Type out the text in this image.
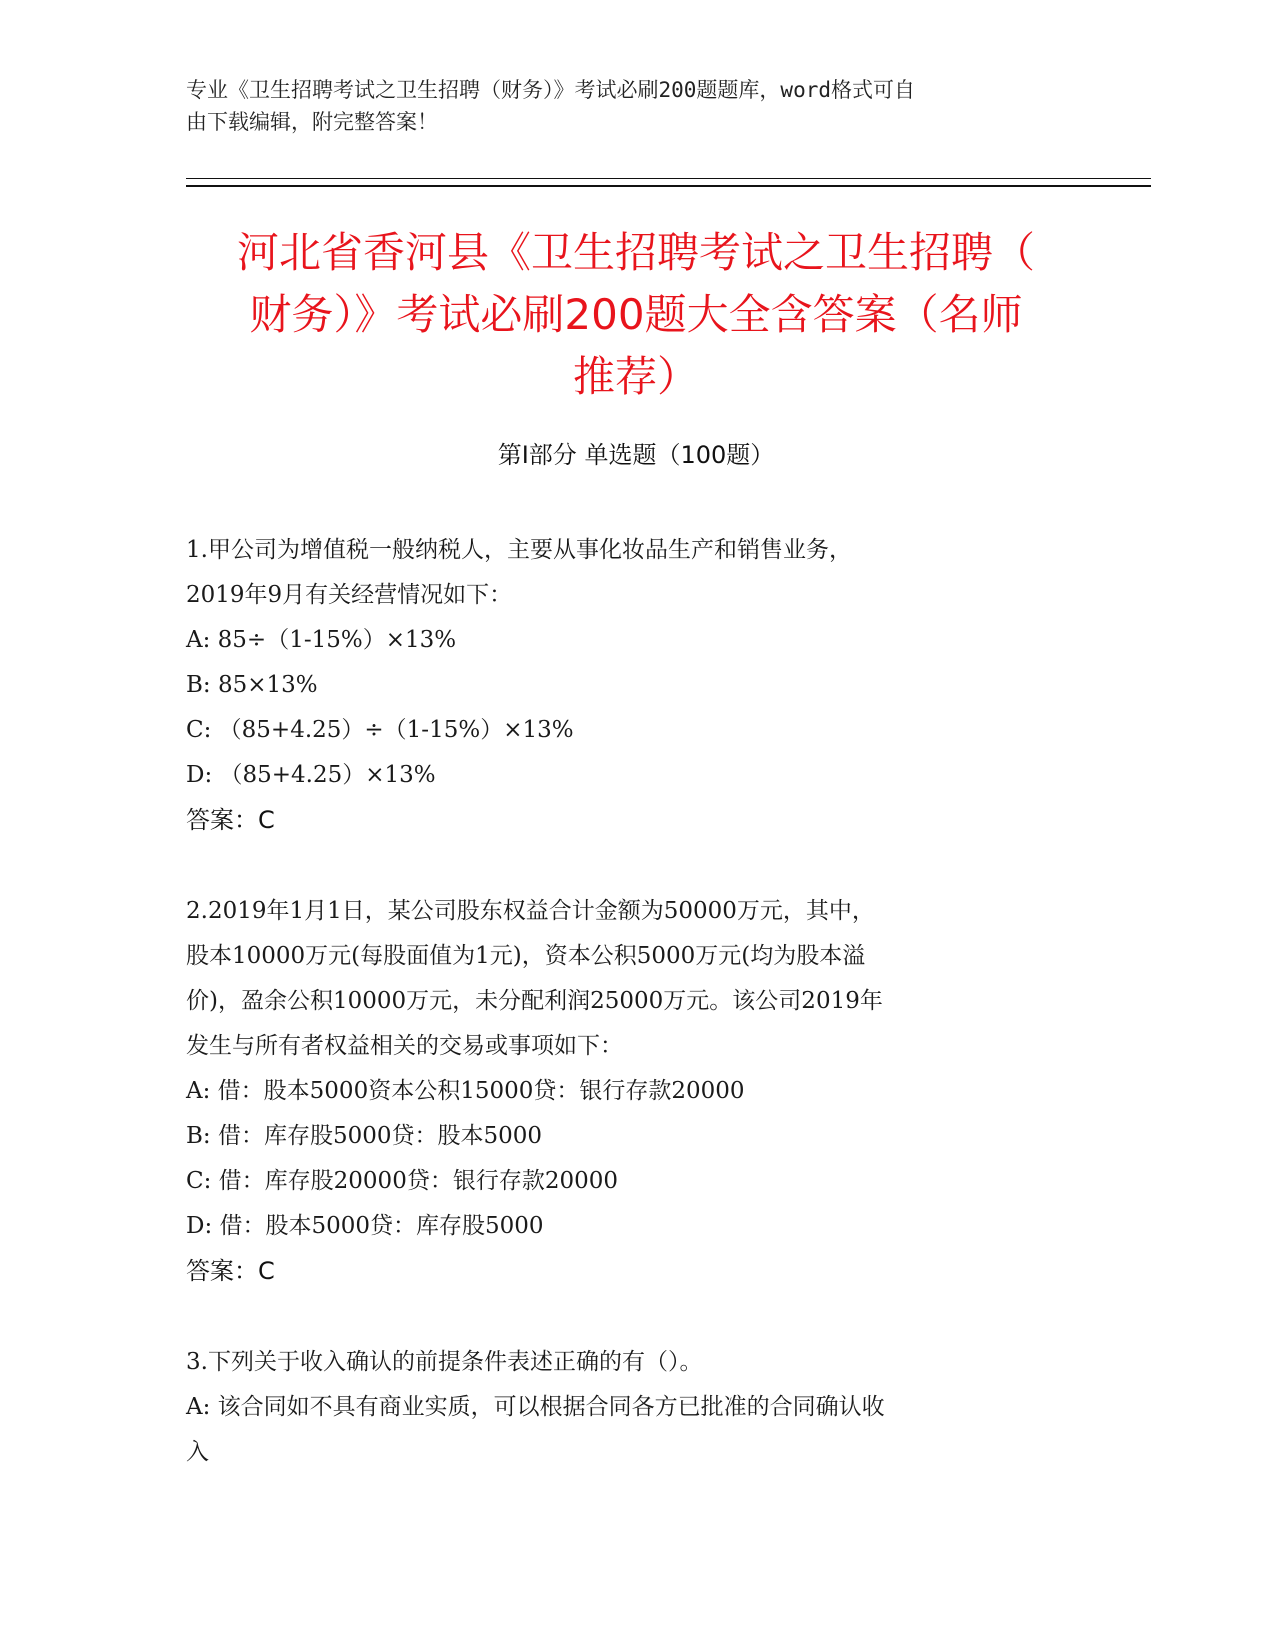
专业《卫生招聘考试之卫生招聘（财务）》考试必刷200题题库，word格式可自
由下载编辑，附完整答案！
河北省香河县《卫生招聘考试之卫生招聘（
财务）》考试必刷200题大全含答案（名师
推荐）
第I部分 单选题（100题）

1.甲公司为增值税一般纳税人，主要从事化妆品生产和销售业务，

2019年9月有关经营情况如下：

A: 85÷（1-15%）×13%

B: 85×13%

C: （85+4.25）÷（1-15%）×13%

D: （85+4.25）×13%

答案：C

2.2019年1月1日，某公司股东权益合计金额为50000万元，其中，

股本10000万元(每股面值为1元)，资本公积5000万元(均为股本溢

价)，盈余公积10000万元，未分配利润25000万元。该公司2019年

发生与所有者权益相关的交易或事项如下：

A: 借：股本5000资本公积15000贷：银行存款20000

B: 借：库存股5000贷：股本5000

C: 借：库存股20000贷：银行存款20000

D: 借：股本5000贷：库存股5000

答案：C

3.下列关于收入确认的前提条件表述正确的有（）。

A: 该合同如不具有商业实质，可以根据合同各方已批准的合同确认收

入
